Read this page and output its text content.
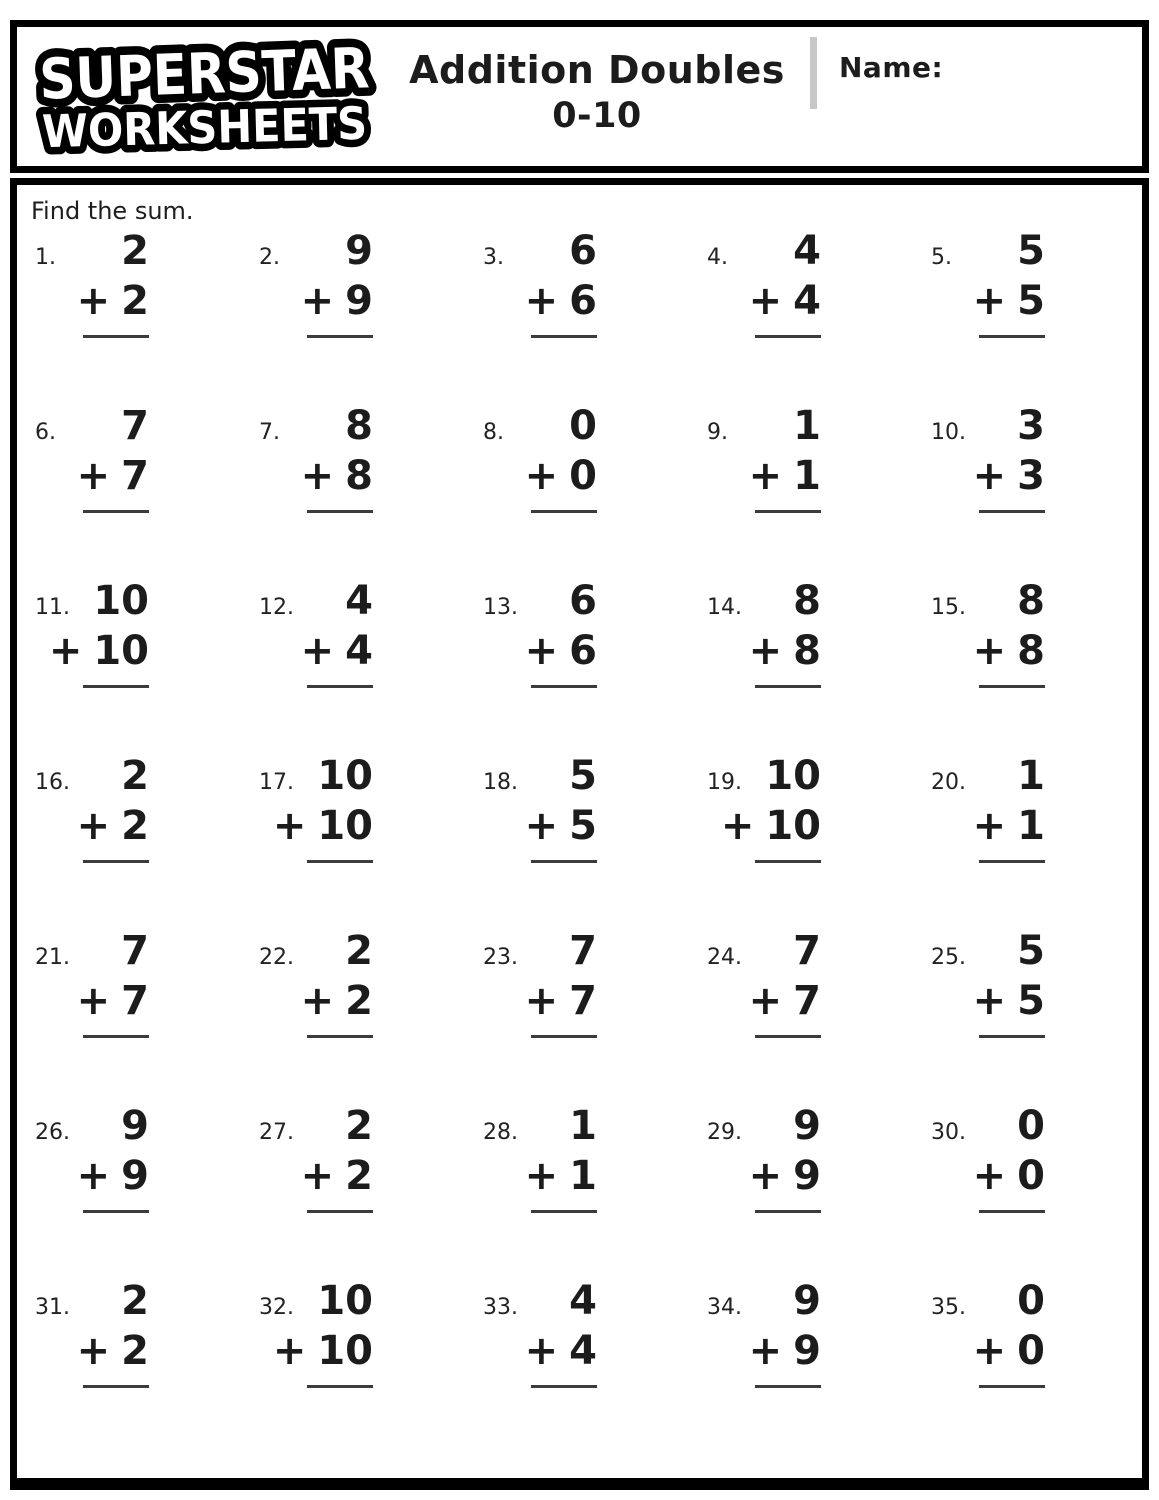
SUPERSTAR
WORKSHEETS
Addition Doubles
0-10
Name:
Find the sum.
1.	2
+ 2
2.	9
+ 9
3.	6
+ 6
4.	4
+ 4
5.	5
+ 5
6.	7
+ 7
7.	8
+ 8
8.	0
+ 0
9.	1
+ 1
10.	3
+ 3
11. 10
+ 10
12.	4
+ 4
13.	6
+ 6
14.	8
+ 8
15.	8
+ 8
16.	2
+ 2
17. 10
+ 10
18.	5
+ 5
19. 10
+ 10
20.	1
+ 1
21.	7
+ 7
22.	2
+ 2
23.	7
+ 7
24.	7
+ 7
25.	5
+ 5
26.	9
+ 9
27.	2
+ 2
28.	1
+ 1
29.	9
+ 9
30.	0
+ 0
31.	2
+ 2
32. 10
+ 10
33.	4
+ 4
34.	9
+ 9
35.	0
+ 0
